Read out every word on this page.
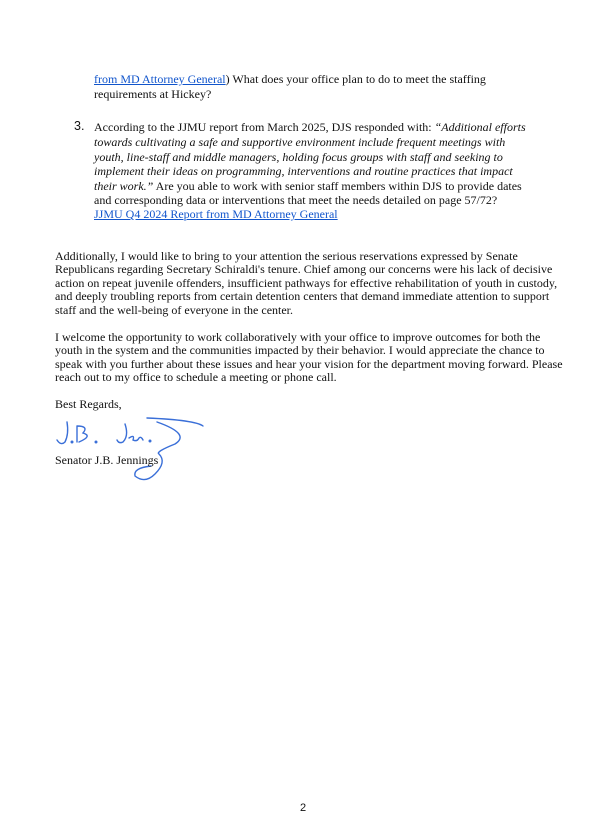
from MD Attorney General) What does your office plan to do to meet the staffing
requirements at Hickey?
3. According to the JJMU report from March 2025, DJS responded with: “Additional efforts
towards cultivating a safe and supportive environment include frequent meetings with
youth, line-staff and middle managers, holding focus groups with staff and seeking to
implement their ideas on programming, interventions and routine practices that impact
their work.” Are you able to work with senior staff members within DJS to provide dates
and corresponding data or interventions that meet the needs detailed on page 57/72?
JJMU Q4 2024 Report from MD Attorney General
Additionally, I would like to bring to your attention the serious reservations expressed by Senate
Republicans regarding Secretary Schiraldi's tenure. Chief among our concerns were his lack of decisive
action on repeat juvenile offenders, insufficient pathways for effective rehabilitation of youth in custody,
and deeply troubling reports from certain detention centers that demand immediate attention to support
staff and the well-being of everyone in the center.
I welcome the opportunity to work collaboratively with your office to improve outcomes for both the
youth in the system and the communities impacted by their behavior. I would appreciate the chance to
speak with you further about these issues and hear your vision for the department moving forward. Please
reach out to my office to schedule a meeting or phone call.
Best Regards,
Senator J.B. Jennings
2
